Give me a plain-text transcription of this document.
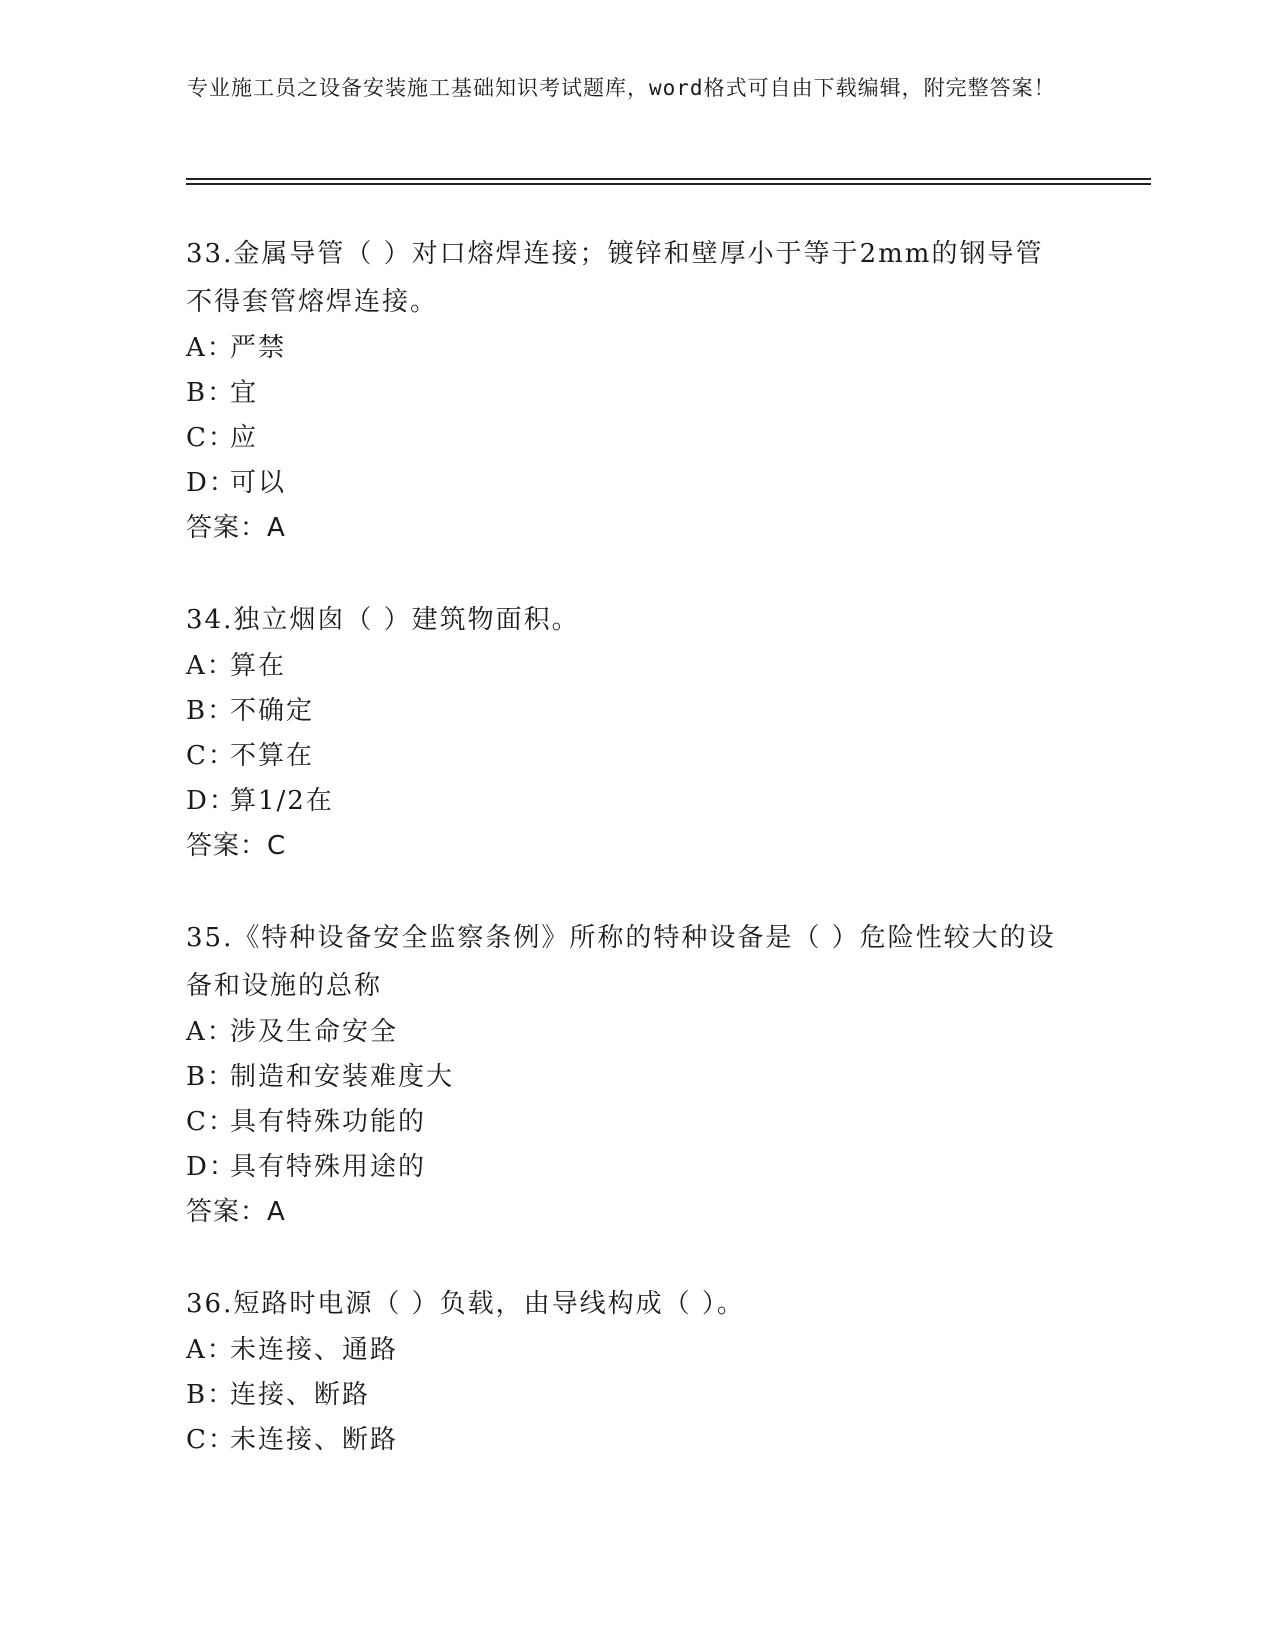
专业施工员之设备安装施工基础知识考试题库，word格式可自由下载编辑，附完整答案！

33.金属导管（ ）对口熔焊连接；镀锌和壁厚小于等于2mm的钢导管不得套管熔焊连接。

A：严禁

B：宜

C：应

D：可以

答案：A

34.独立烟囱（ ）建筑物面积。

A：算在

B：不确定

C：不算在

D：算1/2在

答案：C

35.《特种设备安全监察条例》所称的特种设备是（ ）危险性较大的设备和设施的总称

A：涉及生命安全

B：制造和安装难度大

C：具有特殊功能的

D：具有特殊用途的

答案：A

36.短路时电源（ ）负载，由导线构成（ ）。

A：未连接、通路

B：连接、断路

C：未连接、断路
